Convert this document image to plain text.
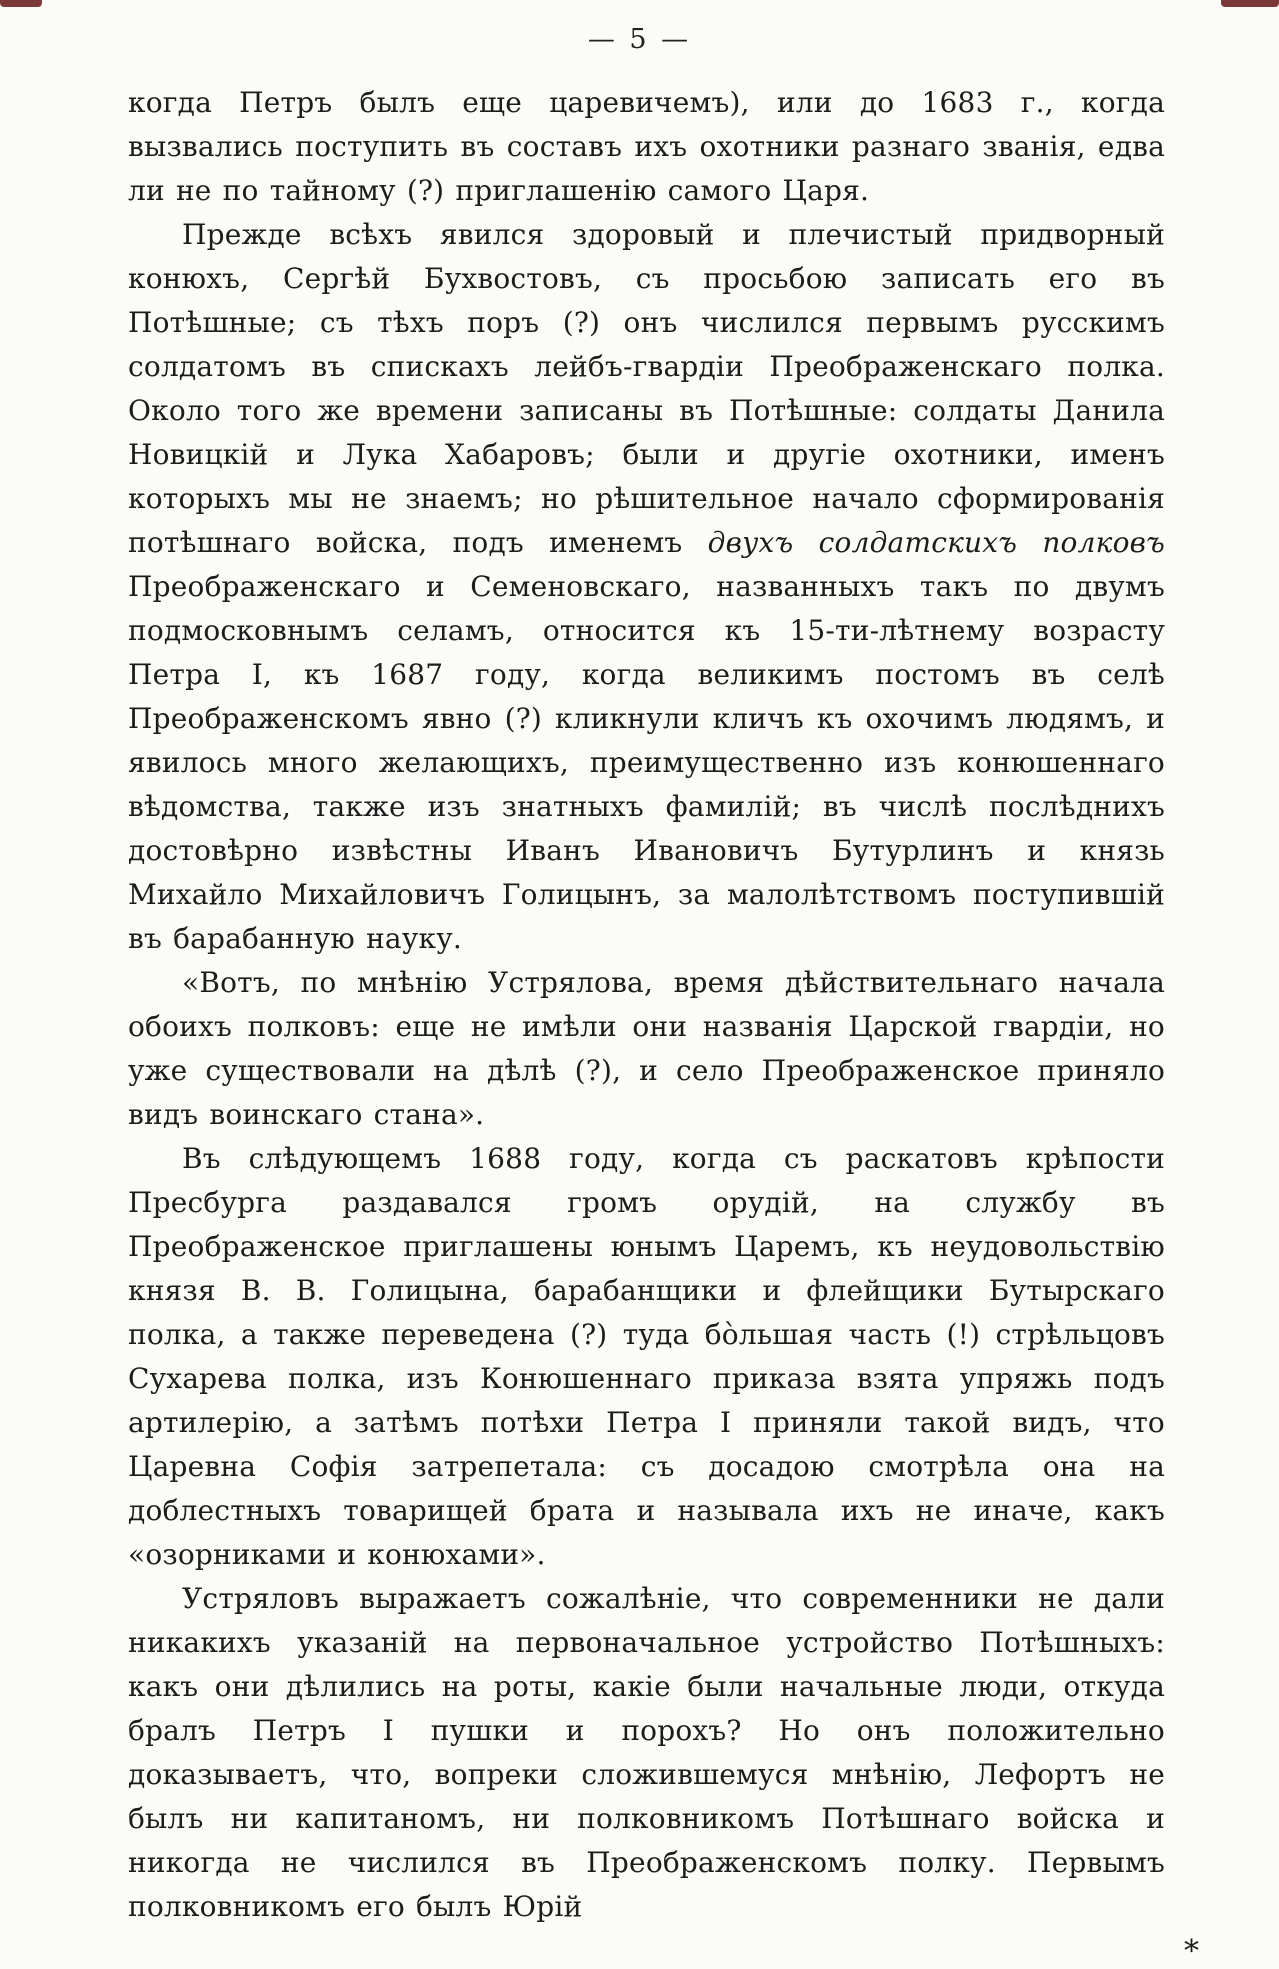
— 5 —

когда Петръ былъ еще царевичемъ), или до 1683 г., когда вызвались поступить въ составъ ихъ охотники разнаго званія, едва ли не по тайному (?) приглашенію самого Царя.

Прежде всѣхъ явился здоровый и плечистый придворный конюхъ, Сергѣй Бухвостовъ, съ просьбою записать его въ Потѣшные; съ тѣхъ поръ (?) онъ числился первымъ русскимъ солдатомъ въ спискахъ лейбъ-гвардіи Преображенскаго полка. Около того же времени записаны въ Потѣшные: солдаты Данила Новицкій и Лука Хабаровъ; были и другіе охотники, именъ которыхъ мы не знаемъ; но рѣшительное начало сформированія потѣшнаго войска, подъ именемъ двухъ солдатскихъ полковъ Преображенскаго и Семеновскаго, названныхъ такъ по двумъ подмосковнымъ селамъ, относится къ 15-ти-лѣтнему возрасту Петра I, къ 1687 году, когда великимъ постомъ въ селѣ Преображенскомъ явно (?) кликнули кличъ къ охочимъ людямъ, и явилось много желающихъ, преимущественно изъ конюшеннаго вѣдомства, также изъ знатныхъ фамилій; въ числѣ послѣднихъ достовѣрно извѣстны Иванъ Ивановичъ Бутурлинъ и князь Михайло Михайловичъ Голицынъ, за малолѣтствомъ поступившій въ барабанную науку.

«Вотъ, по мнѣнію Устрялова, время дѣйствительнаго начала обоихъ полковъ: еще не имѣли они названія Царской гвардіи, но уже существовали на дѣлѣ (?), и село Преображенское приняло видъ воинскаго стана».

Въ слѣдующемъ 1688 году, когда съ раскатовъ крѣпости Пресбурга раздавался громъ орудій, на службу въ Преображенское приглашены юнымъ Царемъ, къ неудовольствію князя В. В. Голицына, барабанщики и флейщики Бутырскаго полка, а также переведена (?) туда бо̀льшая часть (!) стрѣльцовъ Сухарева полка, изъ Конюшеннаго приказа взята упряжь подъ артилерію, а затѣмъ потѣхи Петра I приняли такой видъ, что Царевна Софія затрепетала: съ досадою смотрѣла она на доблестныхъ товарищей брата и называла ихъ не иначе, какъ «озорниками и конюхами».

Устряловъ выражаетъ сожалѣніе, что современники не дали никакихъ указаній на первоначальное устройство Потѣшныхъ: какъ они дѣлились на роты, какіе были начальные люди, откуда бралъ Петръ I пушки и порохъ? Но онъ положительно доказываетъ, что, вопреки сложившемуся мнѣнію, Лефортъ не былъ ни капитаномъ, ни полковникомъ Потѣшнаго войска и никогда не числился въ Преображенскомъ полку. Первымъ полковникомъ его былъ Юрій

*
